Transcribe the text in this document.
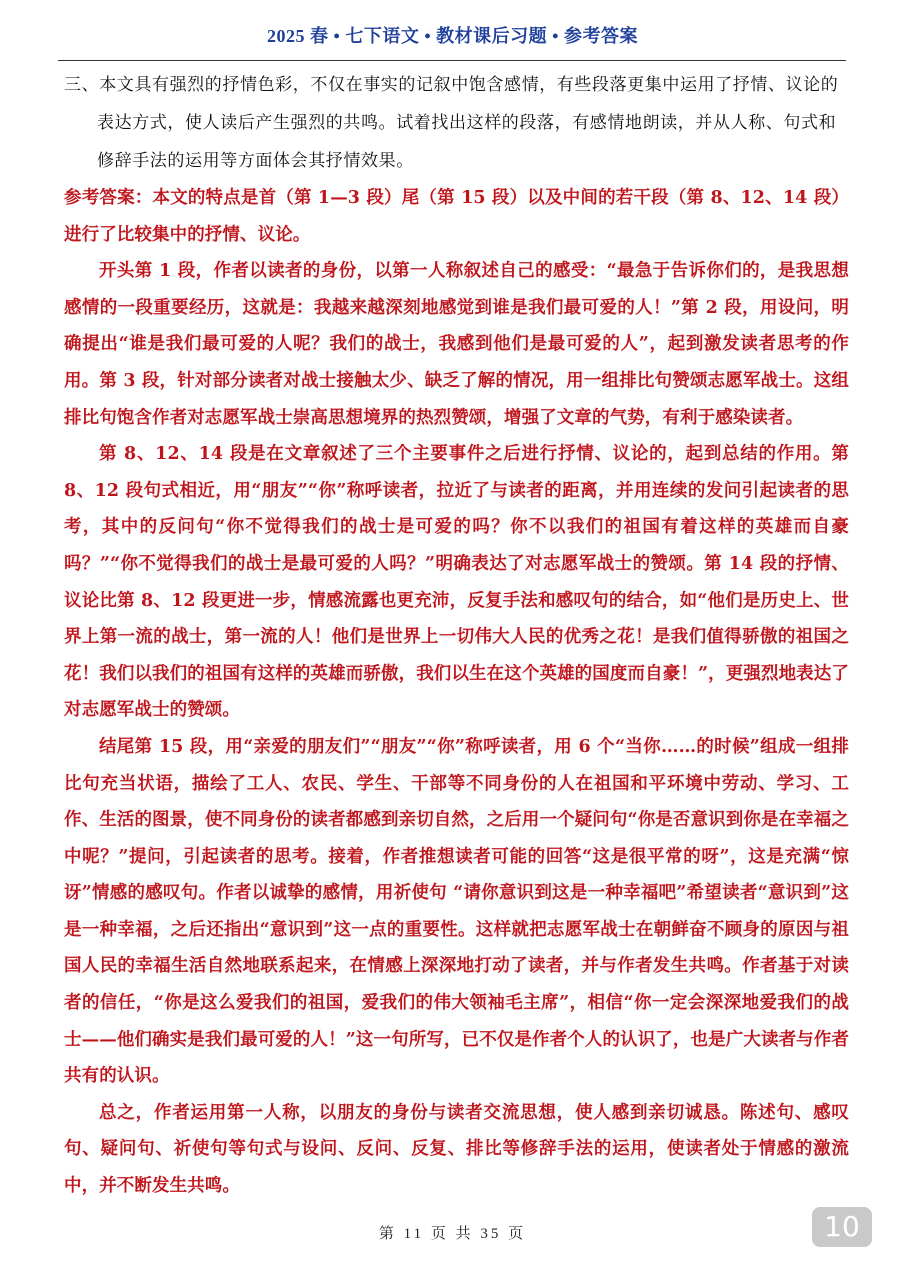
2025 春 • 七下语文 • 教材课后习题 • 参考答案

三、本文具有强烈的抒情色彩，不仅在事实的记叙中饱含感情，有些段落更集中运用了抒情、议论的表达方式，使人读后产生强烈的共鸣。试着找出这样的段落，有感情地朗读，并从人称、句式和修辞手法的运用等方面体会其抒情效果。

参考答案：本文的特点是首（第 1—3 段）尾（第 15 段）以及中间的若干段（第 8、12、14 段）进行了比较集中的抒情、议论。

开头第 1 段，作者以读者的身份，以第一人称叙述自己的感受：“最急于告诉你们的，是我思想感情的一段重要经历，这就是：我越来越深刻地感觉到谁是我们最可爱的人！”第 2 段，用设问，明确提出“谁是我们最可爱的人呢？我们的战士，我感到他们是最可爱的人”，起到激发读者思考的作用。第 3 段，针对部分读者对战士接触太少、缺乏了解的情况，用一组排比句赞颂志愿军战士。这组排比句饱含作者对志愿军战士崇高思想境界的热烈赞颂，增强了文章的气势，有利于感染读者。

第 8、12、14 段是在文章叙述了三个主要事件之后进行抒情、议论的，起到总结的作用。第 8、12 段句式相近，用“朋友”“你”称呼读者，拉近了与读者的距离，并用连续的发问引起读者的思考，其中的反问句“你不觉得我们的战士是可爱的吗？你不以我们的祖国有着这样的英雄而自豪吗？”“你不觉得我们的战士是最可爱的人吗？”明确表达了对志愿军战士的赞颂。第 14 段的抒情、议论比第 8、12 段更进一步，情感流露也更充沛，反复手法和感叹句的结合，如“他们是历史上、世界上第一流的战士，第一流的人！他们是世界上一切伟大人民的优秀之花！是我们值得骄傲的祖国之花！我们以我们的祖国有这样的英雄而骄傲，我们以生在这个英雄的国度而自豪！”，更强烈地表达了对志愿军战士的赞颂。

结尾第 15 段，用“亲爱的朋友们”“朋友”“你”称呼读者，用 6 个“当你……的时候”组成一组排比句充当状语，描绘了工人、农民、学生、干部等不同身份的人在祖国和平环境中劳动、学习、工作、生活的图景，使不同身份的读者都感到亲切自然，之后用一个疑问句“你是否意识到你是在幸福之中呢？”提问，引起读者的思考。接着，作者推想读者可能的回答“这是很平常的呀”，这是充满“惊讶”情感的感叹句。作者以诚挚的感情，用祈使句 “请你意识到这是一种幸福吧”希望读者“意识到”这是一种幸福，之后还指出“意识到”这一点的重要性。这样就把志愿军战士在朝鲜奋不顾身的原因与祖国人民的幸福生活自然地联系起来，在情感上深深地打动了读者，并与作者发生共鸣。作者基于对读者的信任，“你是这么爱我们的祖国，爱我们的伟大领袖毛主席”，相信“你一定会深深地爱我们的战士——他们确实是我们最可爱的人！”这一句所写，已不仅是作者个人的认识了，也是广大读者与作者共有的认识。

总之，作者运用第一人称，以朋友的身份与读者交流思想，使人感到亲切诚恳。陈述句、感叹句、疑问句、祈使句等句式与设问、反问、反复、排比等修辞手法的运用，使读者处于情感的激流中，并不断发生共鸣。

第 11 页 共 35 页	10
